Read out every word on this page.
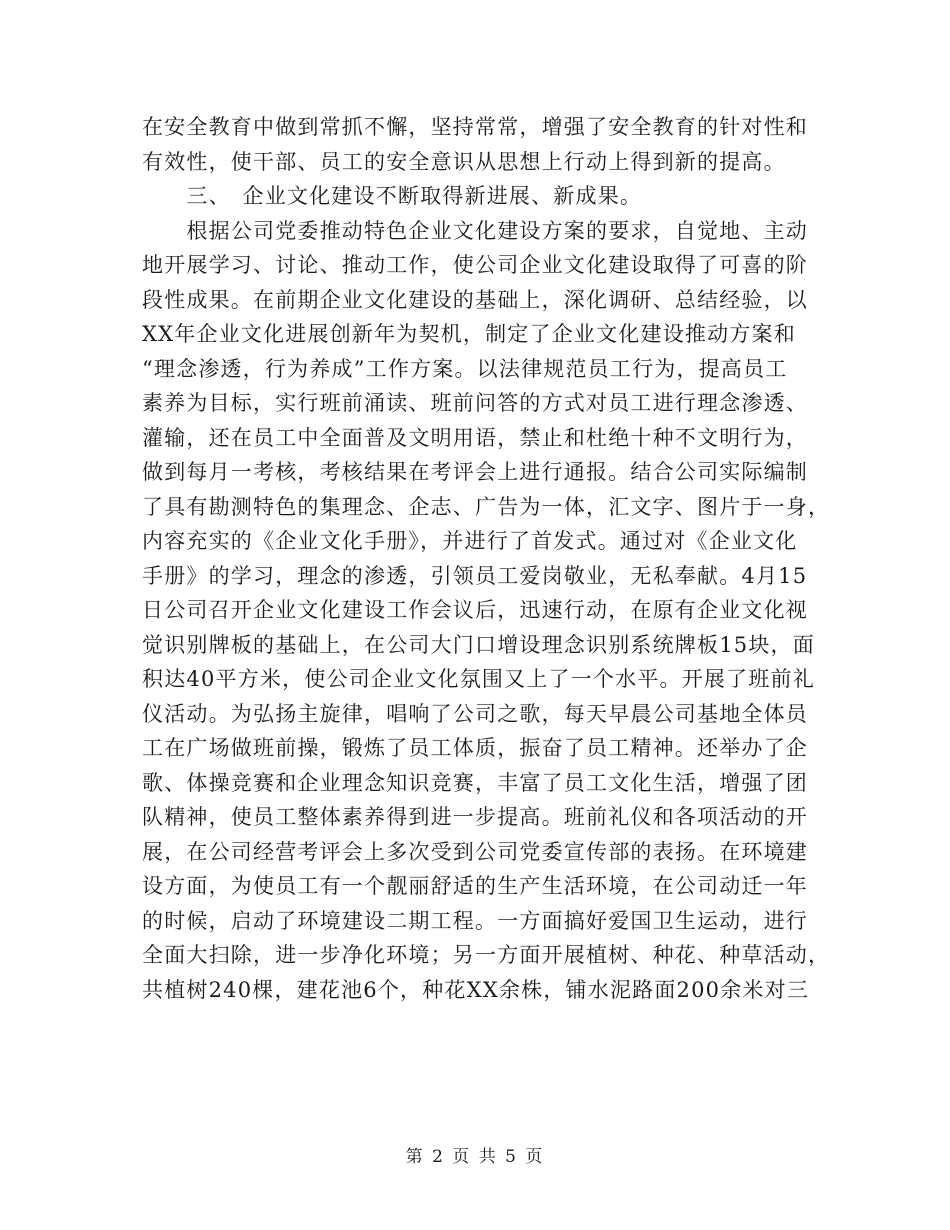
在安全教育中做到常抓不懈，坚持常常，增强了安全教育的针对性和
有效性，使干部、员工的安全意识从思想上行动上得到新的提高。
　　三、　企业文化建设不断取得新进展、新成果。
　　根据公司党委推动特色企业文化建设方案的要求，自觉地、主动
地开展学习、讨论、推动工作，使公司企业文化建设取得了可喜的阶
段性成果。在前期企业文化建设的基础上，深化调研、总结经验，以
XX年企业文化进展创新年为契机，制定了企业文化建设推动方案和
“理念渗透，行为养成”工作方案。以法律规范员工行为，提高员工
素养为目标，实行班前涌读、班前问答的方式对员工进行理念渗透、
灌输，还在员工中全面普及文明用语，禁止和杜绝十种不文明行为，
做到每月一考核，考核结果在考评会上进行通报。结合公司实际编制
了具有勘测特色的集理念、企志、广告为一体，汇文字、图片于一身，
内容充实的《企业文化手册》，并进行了首发式。通过对《企业文化
手册》的学习，理念的渗透，引领员工爱岗敬业，无私奉献。4月15
日公司召开企业文化建设工作会议后，迅速行动，在原有企业文化视
觉识别牌板的基础上，在公司大门口增设理念识别系统牌板15块，面
积达40平方米，使公司企业文化氛围又上了一个水平。开展了班前礼
仪活动。为弘扬主旋律，唱响了公司之歌，每天早晨公司基地全体员
工在广场做班前操，锻炼了员工体质，振奋了员工精神。还举办了企
歌、体操竞赛和企业理念知识竞赛，丰富了员工文化生活，增强了团
队精神，使员工整体素养得到进一步提高。班前礼仪和各项活动的开
展，在公司经营考评会上多次受到公司党委宣传部的表扬。在环境建
设方面，为使员工有一个靓丽舒适的生产生活环境，在公司动迁一年
的时候，启动了环境建设二期工程。一方面搞好爱国卫生运动，进行
全面大扫除，进一步净化环境；另一方面开展植树、种花、种草活动，
共植树240棵，建花池6个，种花XX余株，铺水泥路面200余米对三
第 2 页 共 5 页
